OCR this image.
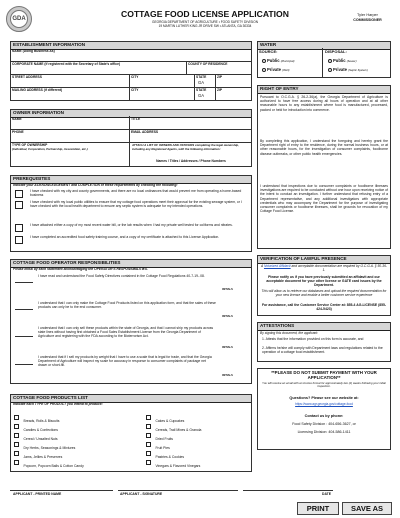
GDA	COTTAGE FOOD LICENSE APPLICATION
GEORGIA DEPARTMENT OF AGRICULTURE • FOOD SAFETY DIVISION
19 MARTIN LUTHER KING JR DRIVE SW • ATLANTA, GA 30334
Tyler Harper
COMMISSIONER
ESTABLISHMENT INFORMATION
NAME (Doing Business As)
CORPORATE NAME (if registered with the Secretary of State's office)	COUNTY OF RESIDENCE
STREET ADDRESS	CITY	STATE	ZIP
GA
MAILING ADDRESS (if different)	CITY	STATE	ZIP
GA
OWNER INFORMATION
NAME	TITLE
PHONE	EMAIL ADDRESS
TYPE OF OWNERSHIP
(Individual, Corporation, Partnership, Association, etc.)
ATTACH A LIST OF OWNERS AND OFFICERS completing the legal ownership, including any Registered Agents, with the following information:
Names / Titles / Addresses / Phone Numbers
PREREQUISITES
Indicate your ACKNOWLEDGEMENT and COMPLETION of these requirements by checking the following:
I have checked with my city and county governments, and there are no local ordinances that would prevent me from operating a home-based business
I have checked with my local public utilities to ensure that my cottage food operations meet their approval for the existing sewage system, or I have checked with the local health department to ensure any septic system is adequate for my intended operations.
I have attached either a copy of my most recent water bill, or the lab results when I had my private well tested for coliforms and nitrates.
I have completed an accredited food safety training course, and a copy of my certificate is attached to this License Application.
COTTAGE FOOD OPERATOR RESPONSIBILITIES
Please initial by each statement acknowledging the OPERATOR'S RESPONSIBILITIES.
I have read and understand the Food Safety Directives contained in the Cottage Food Regulations 40-7-19-.08.
INITIALS
I understand that I can only make the Cottage Food Products listed on this application form, and that the sales of these products can only be to the end consumer.
INITIALS
I understand that I can only sell these products within the state of Georgia, and that I cannot ship my products across state lines without having first obtained a Food Sales Establishment License from the Georgia Department of Agriculture and registering with the FDA according to the Bioterrorism Act.
INITIALS
I understand that if I sell my products by weight that I have to use a scale that is legal for trade, and that the Georgia Department of Agriculture will inspect my scale for accuracy in response to consumer complaints of package net drawn or short-fill.
INITIALS
COTTAGE FOOD PRODUCTS LIST
Indicate each TYPE OF PRODUCT you intend to produce:
Breads, Rolls & Biscuits
Candies & Confections
Cereal / Unsalted Nuts
Dry Herbs, Seasonings & Mixtures
Jams, Jellies & Preserves
Popcorn, Popcorn Balls & Cotton Candy
Cakes & Cupcakes
Cereals, Trail Mixes & Granola
Dried Fruits
Fruit Pies
Pastries & Cookies
Vinegars & Flavored Vinegars
WATER
SOURCE:	DISPOSAL:
Public (Municipal)
Private (Well)
Public (Sewer)
Private (Septic System)
RIGHT OF ENTRY
Pursuant to O.C.G.A. § 26-2-36(a), the Georgia Department of Agriculture is authorized to have free access during all hours of operation and at all other reasonable hours to any establishment where food is manufactured, processed, packed or held for introduction into commerce.
By completing this application, I understand the foregoing and hereby grant the Department right of entry to the residence, during the normal business hours, or at other reasonable hours, for the investigation of consumer complaints, foodborne disease outbreaks, or other public health emergencies.
I understand that inspections due to consumer complaints or foodborne illnesses investigations are required to be conducted without one hour upon receiving notice of the intent to conduct an investigation. I further understand that refusing entry of a Department representative, and any additional investigators with appropriate credentials who may accompany the Department for the purpose of investigating consumer complaints or foodborne illnesses, shall be grounds for revocation of my Cottage Food License.
VERIFICATION OF LAWFUL PRESENCE
A Notarized Affidavit and acceptable documentation are required by O.C.G.A. § 50-36-1.
Please notify us if you have previously submitted an affidavit and our acceptable document for your other license or GATE card issues by the Department.
This will allow us to retrieve our databases and upload the required documentation for your new license and enable a better customer service experience
For assistance, call the Customer Service Center at: 855-4 AG-LICENSE (855-424-5423)
ATTESTATIONS
By signing this document, the applicant:
1. Attests that the information provided on this form is accurate, and
2. Affirms he/she will comply with Department laws and regulations related to the operation of a cottage food establishment.
**PLEASE DO NOT SUBMIT PAYMENT WITH YOUR APPLICATION**
You will receive an email with an invoice format for approximately two (2) weeks following your initial inspection.
Questions? Please see our website at:
https://www.agr.georgia.gov/cottage-food
Contact us by phone:
Food Safety Division : 404-656-3627, or
Licensing Division: 404-586-1411
APPLICANT - PRINTED NAME	APPLICANT - SIGNATURE	DATE
PRINT	SAVE AS
